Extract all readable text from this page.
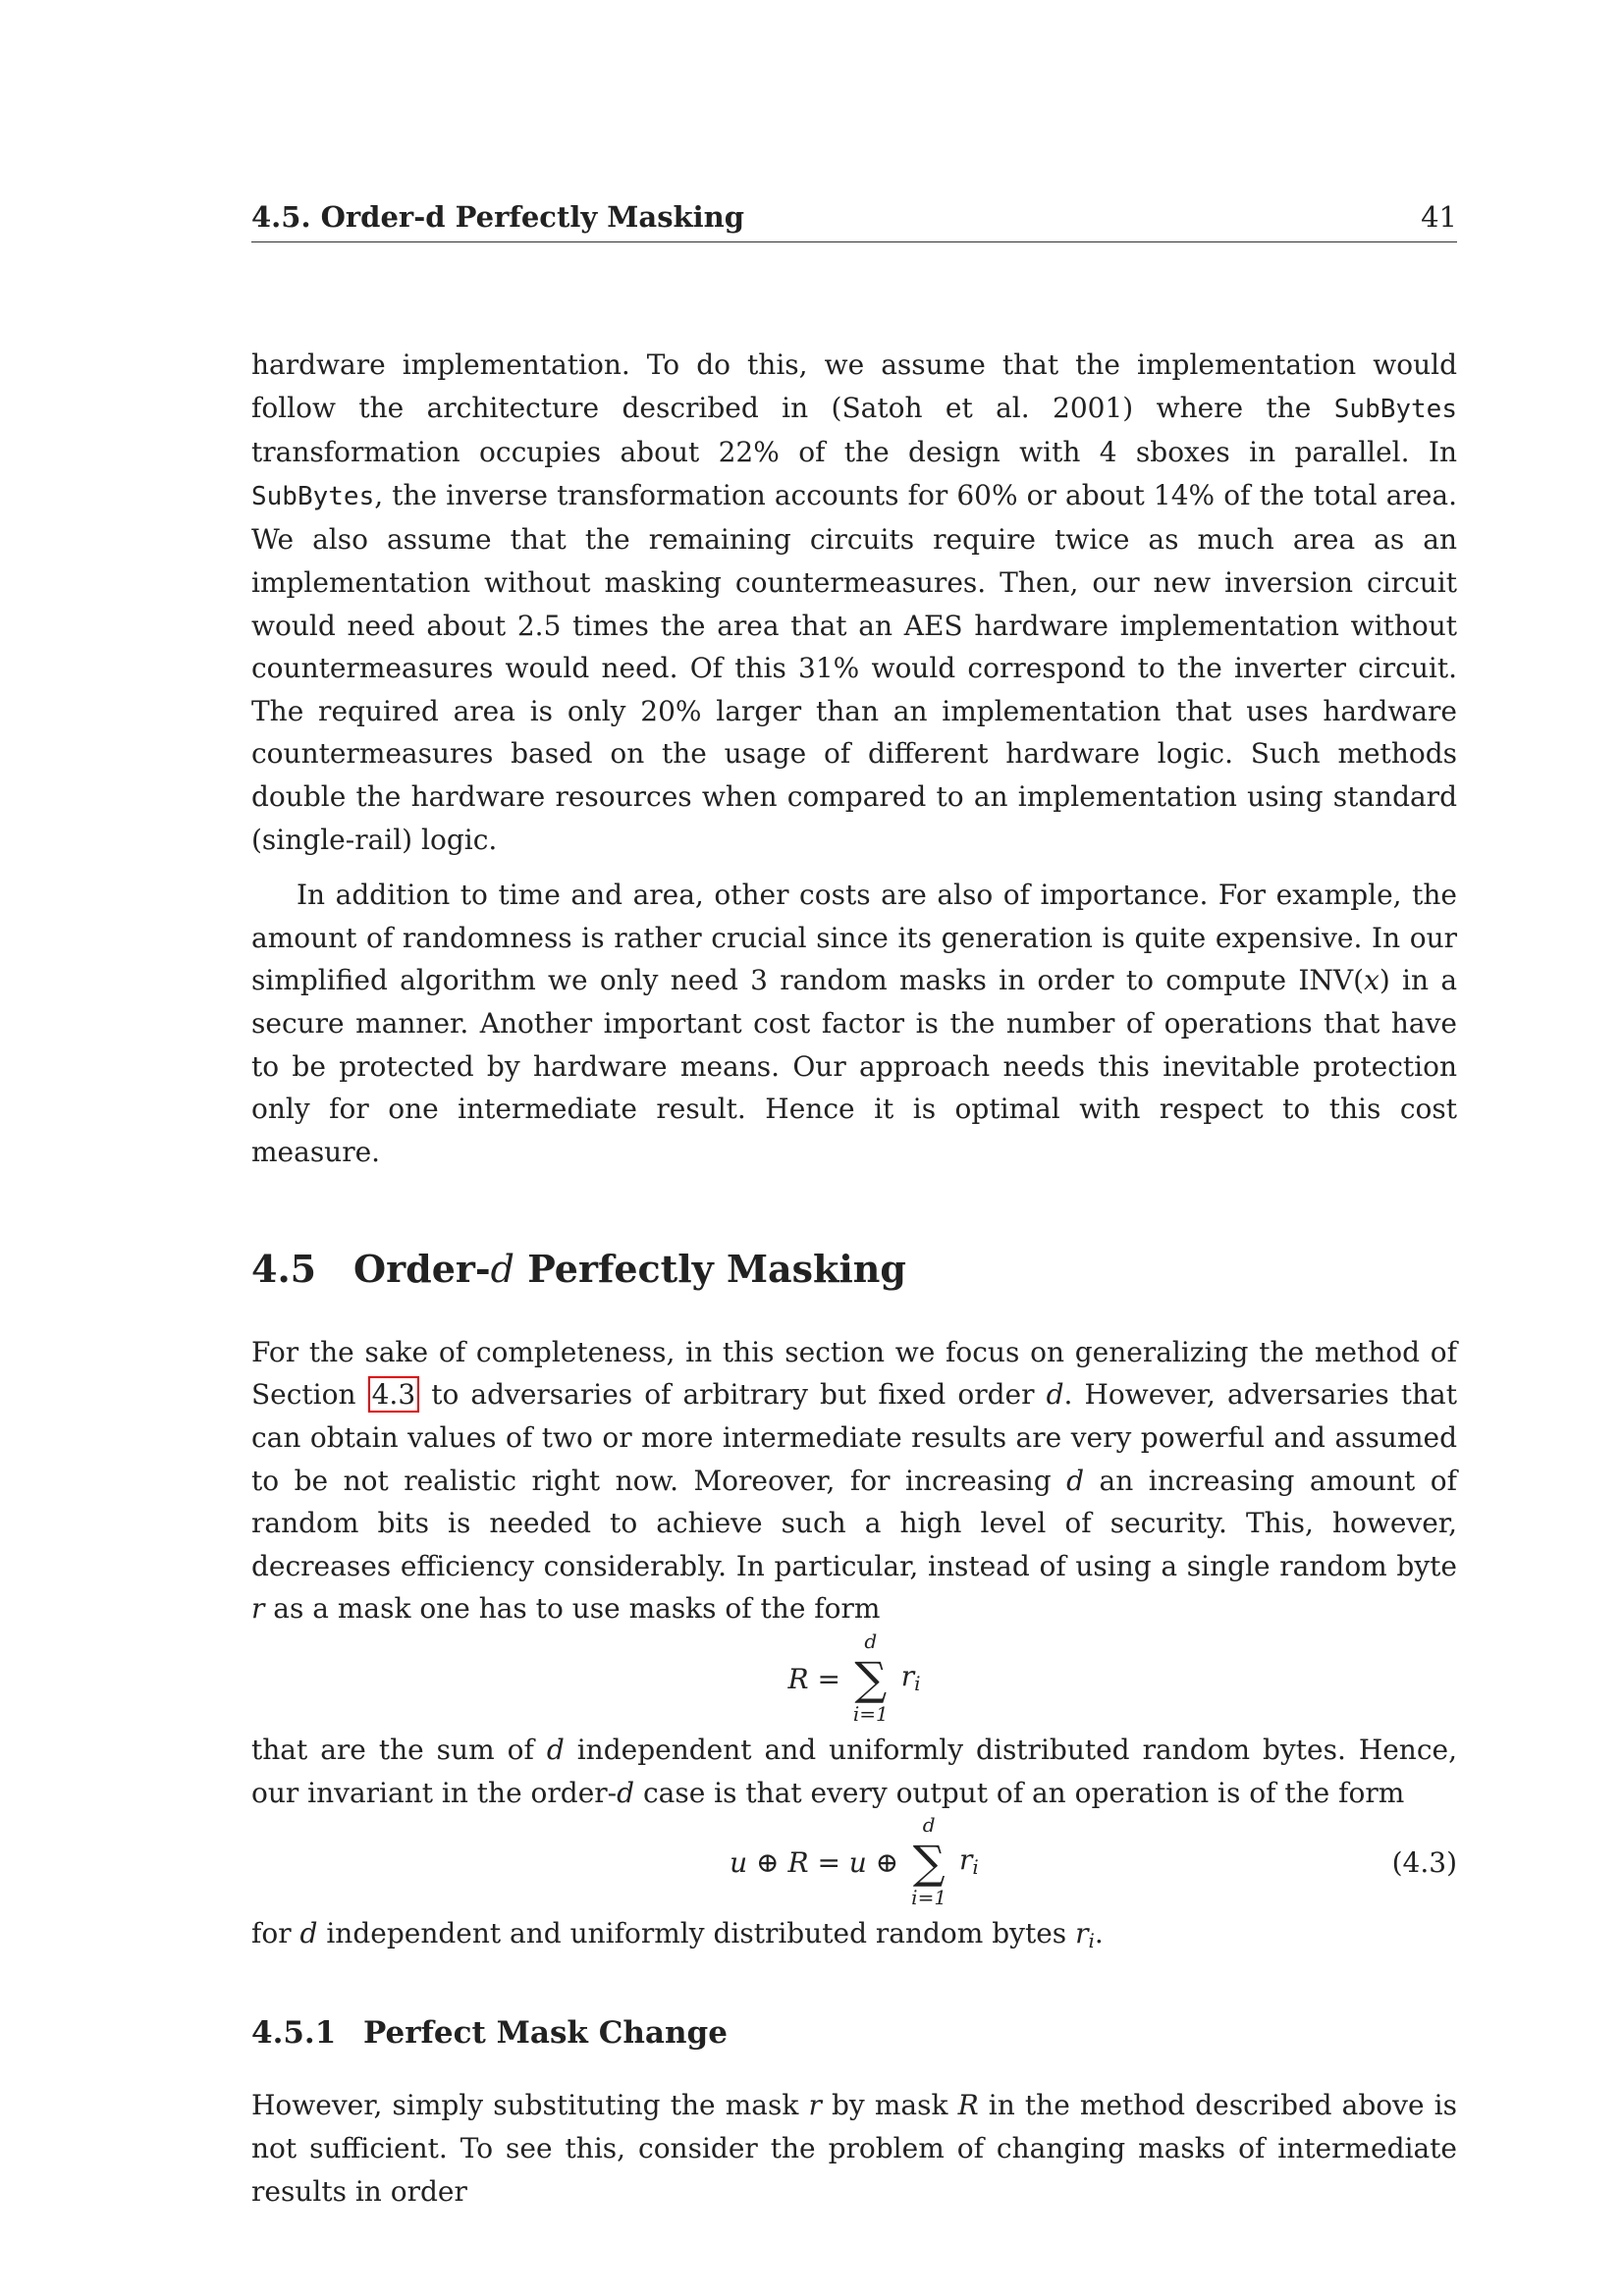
4.5. Order-d Perfectly Masking	41

hardware implementation. To do this, we assume that the implementation would follow the architecture described in (Satoh et al. 2001) where the SubBytes transformation occupies about 22% of the design with 4 sboxes in parallel. In SubBytes, the inverse transformation accounts for 60% or about 14% of the total area. We also assume that the remaining circuits require twice as much area as an implementation without masking countermeasures. Then, our new inversion circuit would need about 2.5 times the area that an AES hardware implementation without countermeasures would need. Of this 31% would correspond to the inverter circuit. The required area is only 20% larger than an implementation that uses hardware countermeasures based on the usage of different hardware logic. Such methods double the hardware resources when compared to an implementation using standard (single-rail) logic.

In addition to time and area, other costs are also of importance. For example, the amount of randomness is rather crucial since its generation is quite expensive. In our simplified algorithm we only need 3 random masks in order to compute INV(x) in a secure manner. Another important cost factor is the number of operations that have to be protected by hardware means. Our approach needs this inevitable protection only for one intermediate result. Hence it is optimal with respect to this cost measure.

4.5 Order-d Perfectly Masking

For the sake of completeness, in this section we focus on generalizing the method of Section 4.3 to adversaries of arbitrary but fixed order d. However, adversaries that can obtain values of two or more intermediate results are very powerful and assumed to be not realistic right now. Moreover, for increasing d an increasing amount of random bits is needed to achieve such a high level of security. This, however, decreases efficiency considerably. In particular, instead of using a single random byte r as a mask one has to use masks of the form

R =
d
∑
i=1
ri

that are the sum of d independent and uniformly distributed random bytes. Hence, our invariant in the order-d case is that every output of an operation is of the form

u ⊕ R = u ⊕
d
∑
i=1
ri	(4.3)

for d independent and uniformly distributed random bytes ri.

4.5.1 Perfect Mask Change

However, simply substituting the mask r by mask R in the method described above is not sufficient. To see this, consider the problem of changing masks of intermediate results in order
